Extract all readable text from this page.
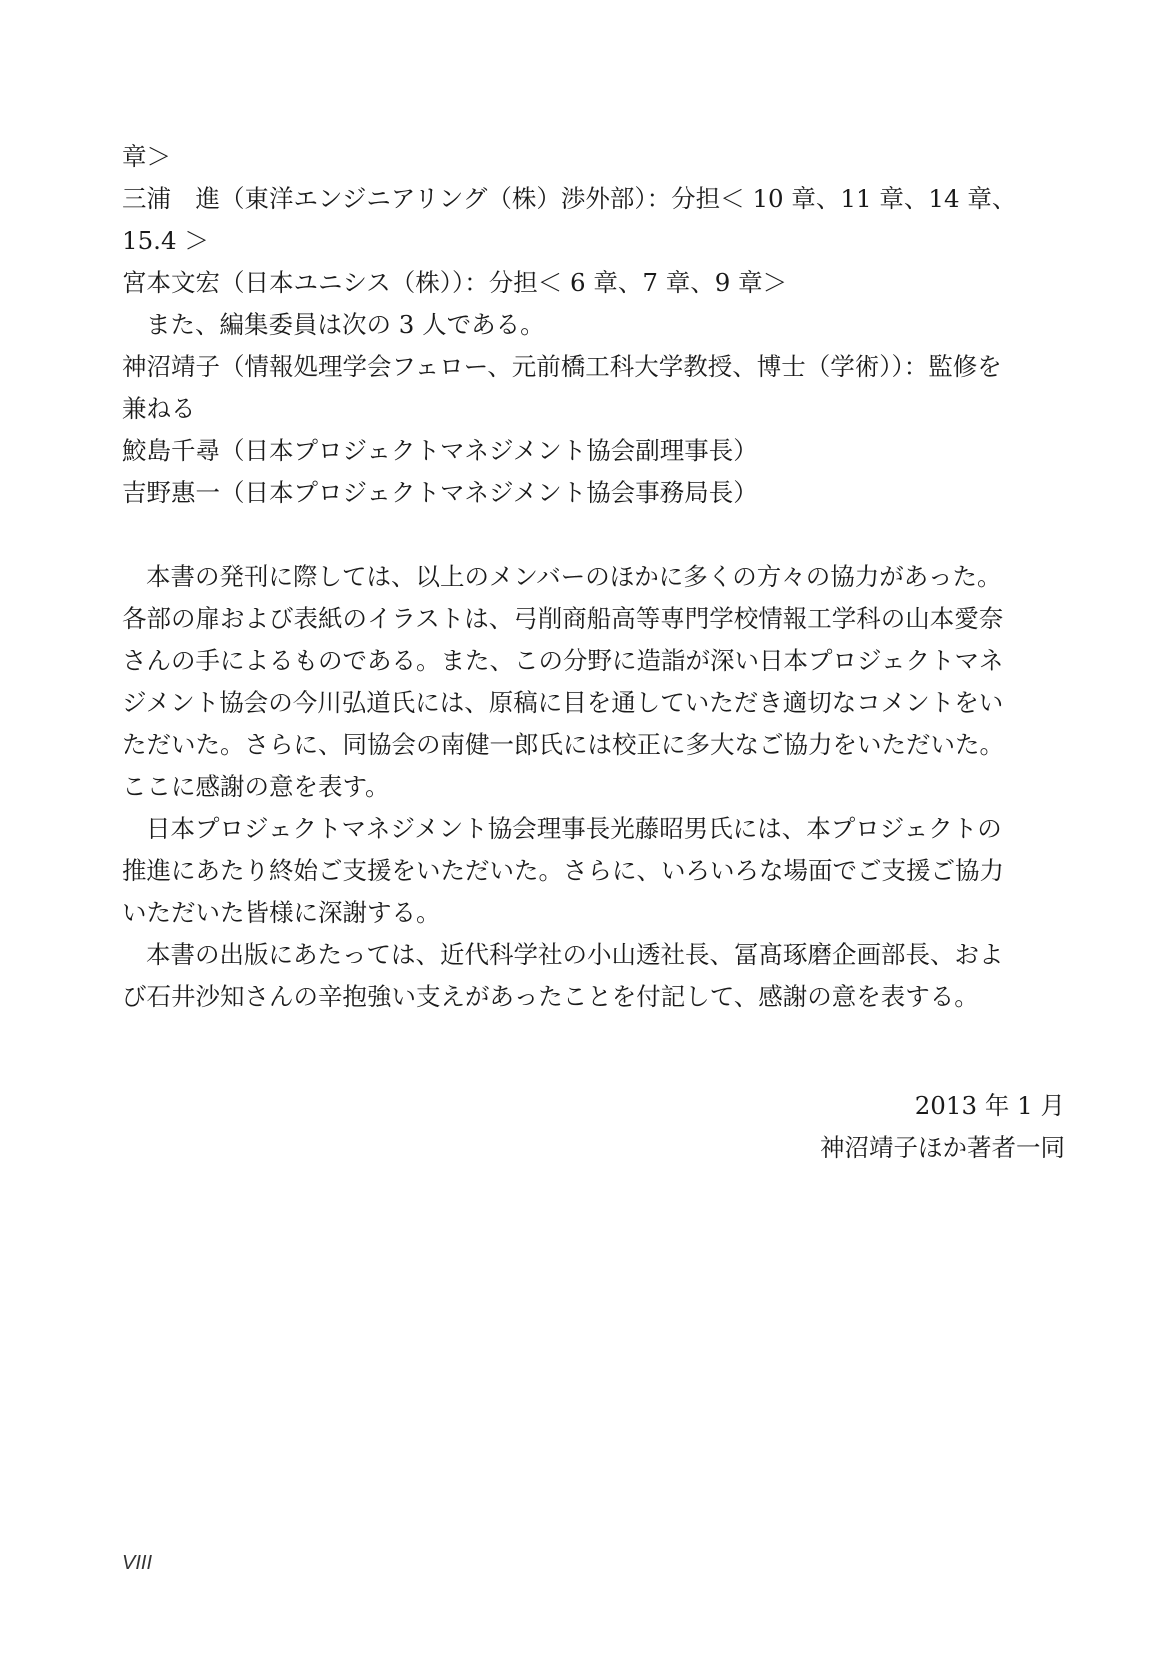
章＞
三浦　進（東洋エンジニアリング（株）渉外部）：分担＜ 10 章、11 章、14 章、
15.4 ＞
宮本文宏（日本ユニシス（株））：分担＜ 6 章、7 章、9 章＞
また、編集委員は次の 3 人である。
神沼靖子（情報処理学会フェロー、元前橋工科大学教授、博士（学術））：監修を
兼ねる
鮫島千尋（日本プロジェクトマネジメント協会副理事長）
吉野惠一（日本プロジェクトマネジメント協会事務局長）
本書の発刊に際しては、以上のメンバーのほかに多くの方々の協力があった。
各部の扉および表紙のイラストは、弓削商船高等専門学校情報工学科の山本愛奈
さんの手によるものである。また、この分野に造詣が深い日本プロジェクトマネ
ジメント協会の今川弘道氏には、原稿に目を通していただき適切なコメントをい
ただいた。さらに、同協会の南健一郎氏には校正に多大なご協力をいただいた。
ここに感謝の意を表す。
日本プロジェクトマネジメント協会理事長光藤昭男氏には、本プロジェクトの
推進にあたり終始ご支援をいただいた。さらに、いろいろな場面でご支援ご協力
いただいた皆様に深謝する。
本書の出版にあたっては、近代科学社の小山透社長、冨髙琢磨企画部長、およ
び石井沙知さんの辛抱強い支えがあったことを付記して、感謝の意を表する。
2013 年 1 月
神沼靖子ほか著者一同
VIII
